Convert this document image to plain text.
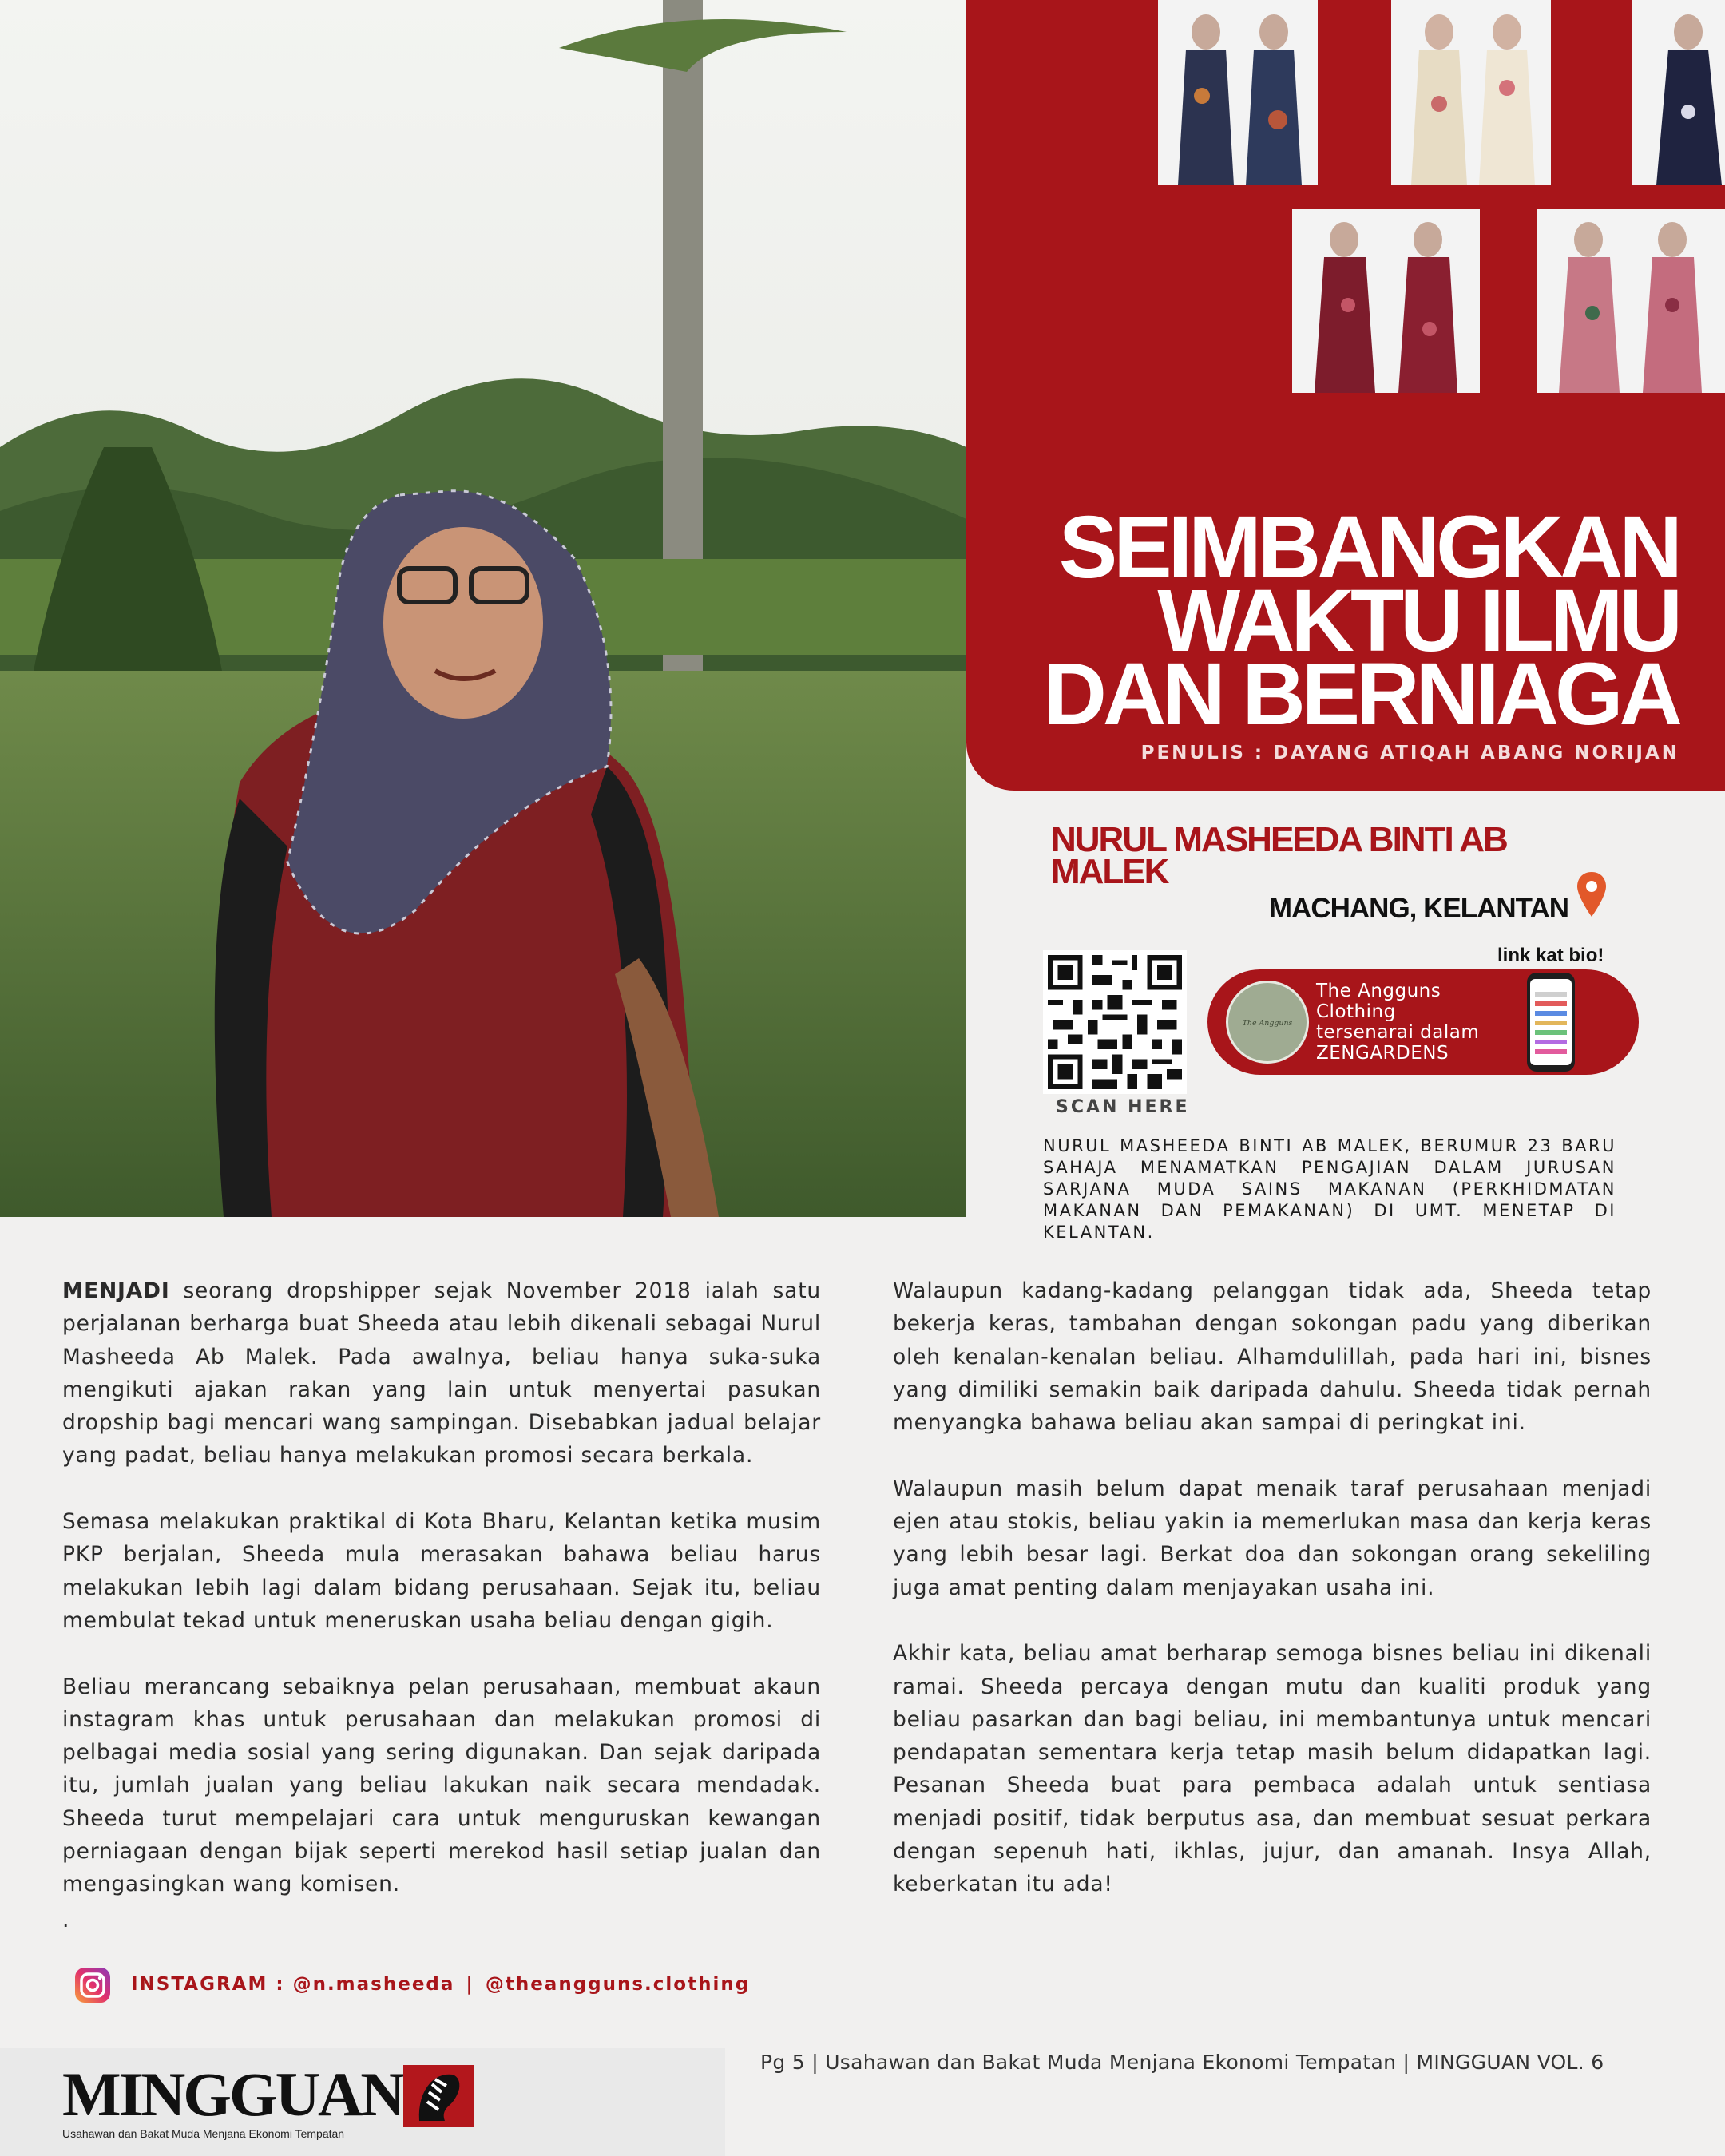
SEIMBANGKAN
WAKTU ILMU
DAN BERNIAGA
PENULIS : DAYANG ATIQAH ABANG NORIJAN
NURUL MASHEEDA BINTI AB MALEK
MACHANG, KELANTAN
SCAN HERE
link kat bio!
The Angguns
The Angguns
Clothing
tersenarai dalam
ZENGARDENS

NURUL MASHEEDA BINTI AB MALEK, BERUMUR 23 BARU SAHAJA MENAMATKAN PENGAJIAN DALAM JURUSAN SARJANA MUDA SAINS MAKANAN (PERKHIDMATAN MAKANAN DAN PEMAKANAN) DI UMT. MENETAP DI KELANTAN.

MENJADI seorang dropshipper sejak November 2018 ialah satu perjalanan berharga buat Sheeda atau lebih dikenali sebagai Nurul Masheeda Ab Malek. Pada awalnya, beliau hanya suka-suka mengikuti ajakan rakan yang lain untuk menyertai pasukan dropship bagi mencari wang sampingan. Disebabkan jadual belajar yang padat, beliau hanya melakukan promosi secara berkala.

Semasa melakukan praktikal di Kota Bharu, Kelantan ketika musim PKP berjalan, Sheeda mula merasakan bahawa beliau harus melakukan lebih lagi dalam bidang perusahaan. Sejak itu, beliau membulat tekad untuk meneruskan usaha beliau dengan gigih.

Beliau merancang sebaiknya pelan perusahaan, membuat akaun instagram khas untuk perusahaan dan melakukan promosi di pelbagai media sosial yang sering digunakan. Dan sejak daripada itu, jumlah jualan yang beliau lakukan naik secara mendadak. Sheeda turut mempelajari cara untuk menguruskan kewangan perniagaan dengan bijak seperti merekod hasil setiap jualan dan mengasingkan wang komisen.

.

Walaupun kadang-kadang pelanggan tidak ada, Sheeda tetap bekerja keras, tambahan dengan sokongan padu yang diberikan oleh kenalan-kenalan beliau. Alhamdulillah, pada hari ini, bisnes yang dimiliki semakin baik daripada dahulu. Sheeda tidak pernah menyangka bahawa beliau akan sampai di peringkat ini.

Walaupun masih belum dapat menaik taraf perusahaan menjadi ejen atau stokis, beliau yakin ia memerlukan masa dan kerja keras yang lebih besar lagi. Berkat doa dan sokongan orang sekeliling juga amat penting dalam menjayakan usaha ini.

Akhir kata, beliau amat berharap semoga bisnes beliau ini dikenali ramai. Sheeda percaya dengan mutu dan kualiti produk yang beliau pasarkan dan bagi beliau, ini membantunya untuk mencari pendapatan sementara kerja tetap masih belum didapatkan lagi. Pesanan Sheeda buat para pembaca adalah untuk sentiasa menjadi positif, tidak berputus asa, dan membuat sesuat perkara dengan sepenuh hati, ikhlas, jujur, dan amanah. Insya Allah, keberkatan itu ada!

INSTAGRAM : @n.masheeda | @theangguns.clothing
MINGGUAN
Usahawan dan Bakat Muda Menjana Ekonomi Tempatan
Pg 5 | Usahawan dan Bakat Muda Menjana Ekonomi Tempatan | MINGGUAN VOL. 6
